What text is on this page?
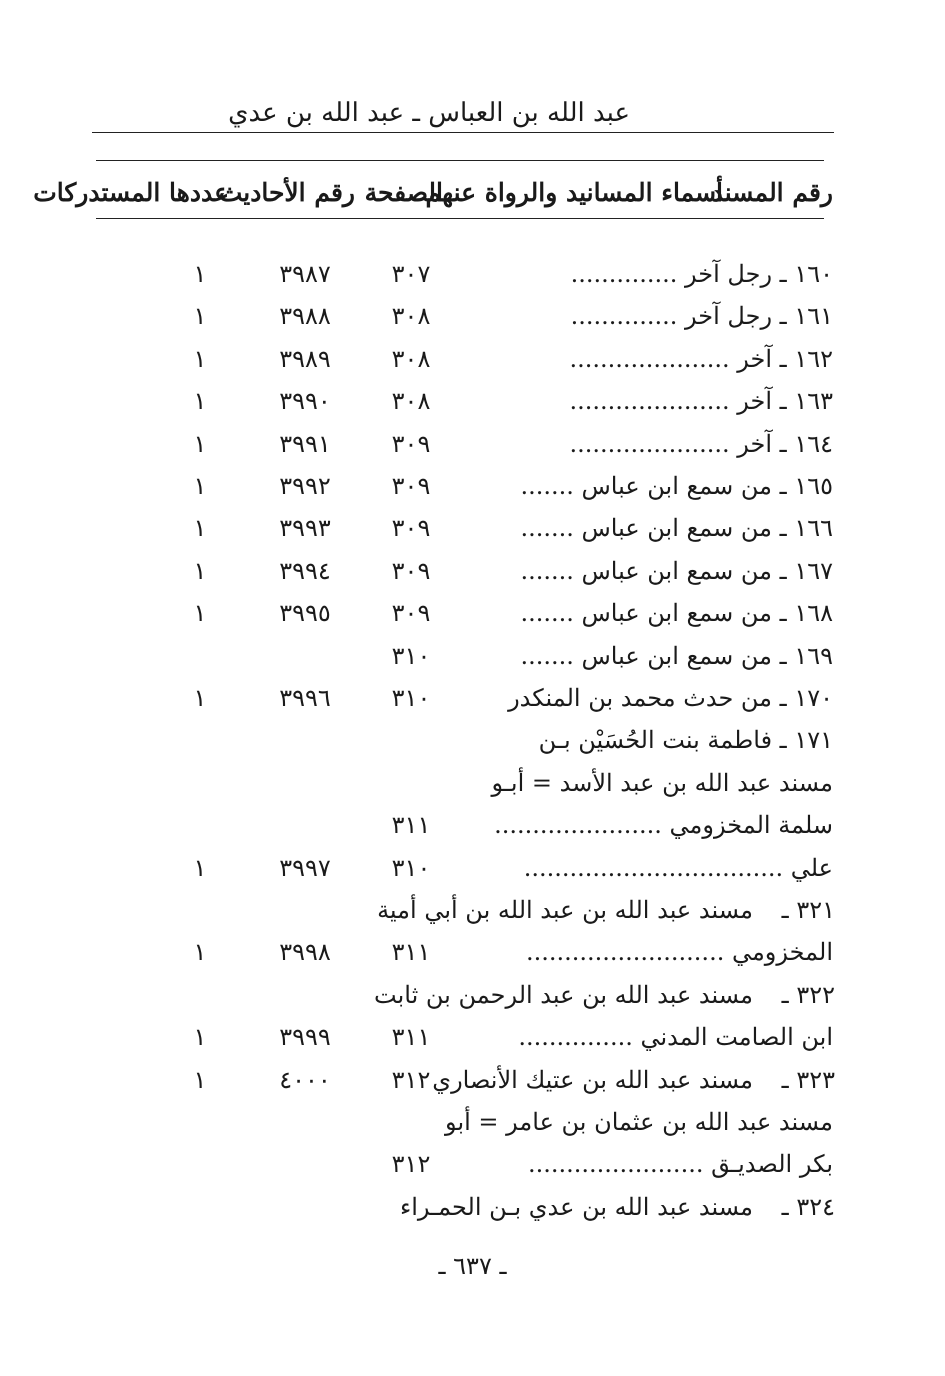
عبد الله بن العباس ـ عبد الله بن عدي
رقم المسند
أسماء المسانيد والرواة عنهم
الصفحة
رقم الأحاديث
عددها المستدركات
١٦٠ ـ رجل آخر ..............
٣٠٧
٣٩٨٧
١
١٦١ ـ رجل آخر ..............
٣٠٨
٣٩٨٨
١
١٦٢ ـ آخر .....................
٣٠٨
٣٩٨٩
١
١٦٣ ـ آخر .....................
٣٠٨
٣٩٩٠
١
١٦٤ ـ آخر .....................
٣٠٩
٣٩٩١
١
١٦٥ ـ من سمع ابن عباس .......
٣٠٩
٣٩٩٢
١
١٦٦ ـ من سمع ابن عباس .......
٣٠٩
٣٩٩٣
١
١٦٧ ـ من سمع ابن عباس .......
٣٠٩
٣٩٩٤
١
١٦٨ ـ من سمع ابن عباس .......
٣٠٩
٣٩٩٥
١
١٦٩ ـ من سمع ابن عباس .......
٣١٠
١٧٠ ـ من حدث محمد بن المنكدر
٣١٠
٣٩٩٦
١
١٧١ ـ فاطمة بنت الحُسَيْن بـن
مسند عبد الله بن عبد الأسد = أبـو
سلمة المخزومي ......................
٣١١
علي ..................................
٣١٠
٣٩٩٧
١
٣٢١ ـ
مسند عبد الله بن عبد الله بن أبي أمية
المخزومي ..........................
٣١١
٣٩٩٨
١
٣٢٢ ـ
مسند عبد الله بن عبد الرحمن بن ثابت
ابن الصامت المدني ...............
٣١١
٣٩٩٩
١
٣٢٣ ـ
مسند عبد الله بن عتيك الأنصاري
٣١٢
٤٠٠٠
١
مسند عبد الله بن عثمان بن عامر = أبو
بكر الصديـق .......................
٣١٢
٣٢٤ ـ
مسند عبد الله بن عدي بـن الحمـراء
ـ ٦٣٧ ـ
